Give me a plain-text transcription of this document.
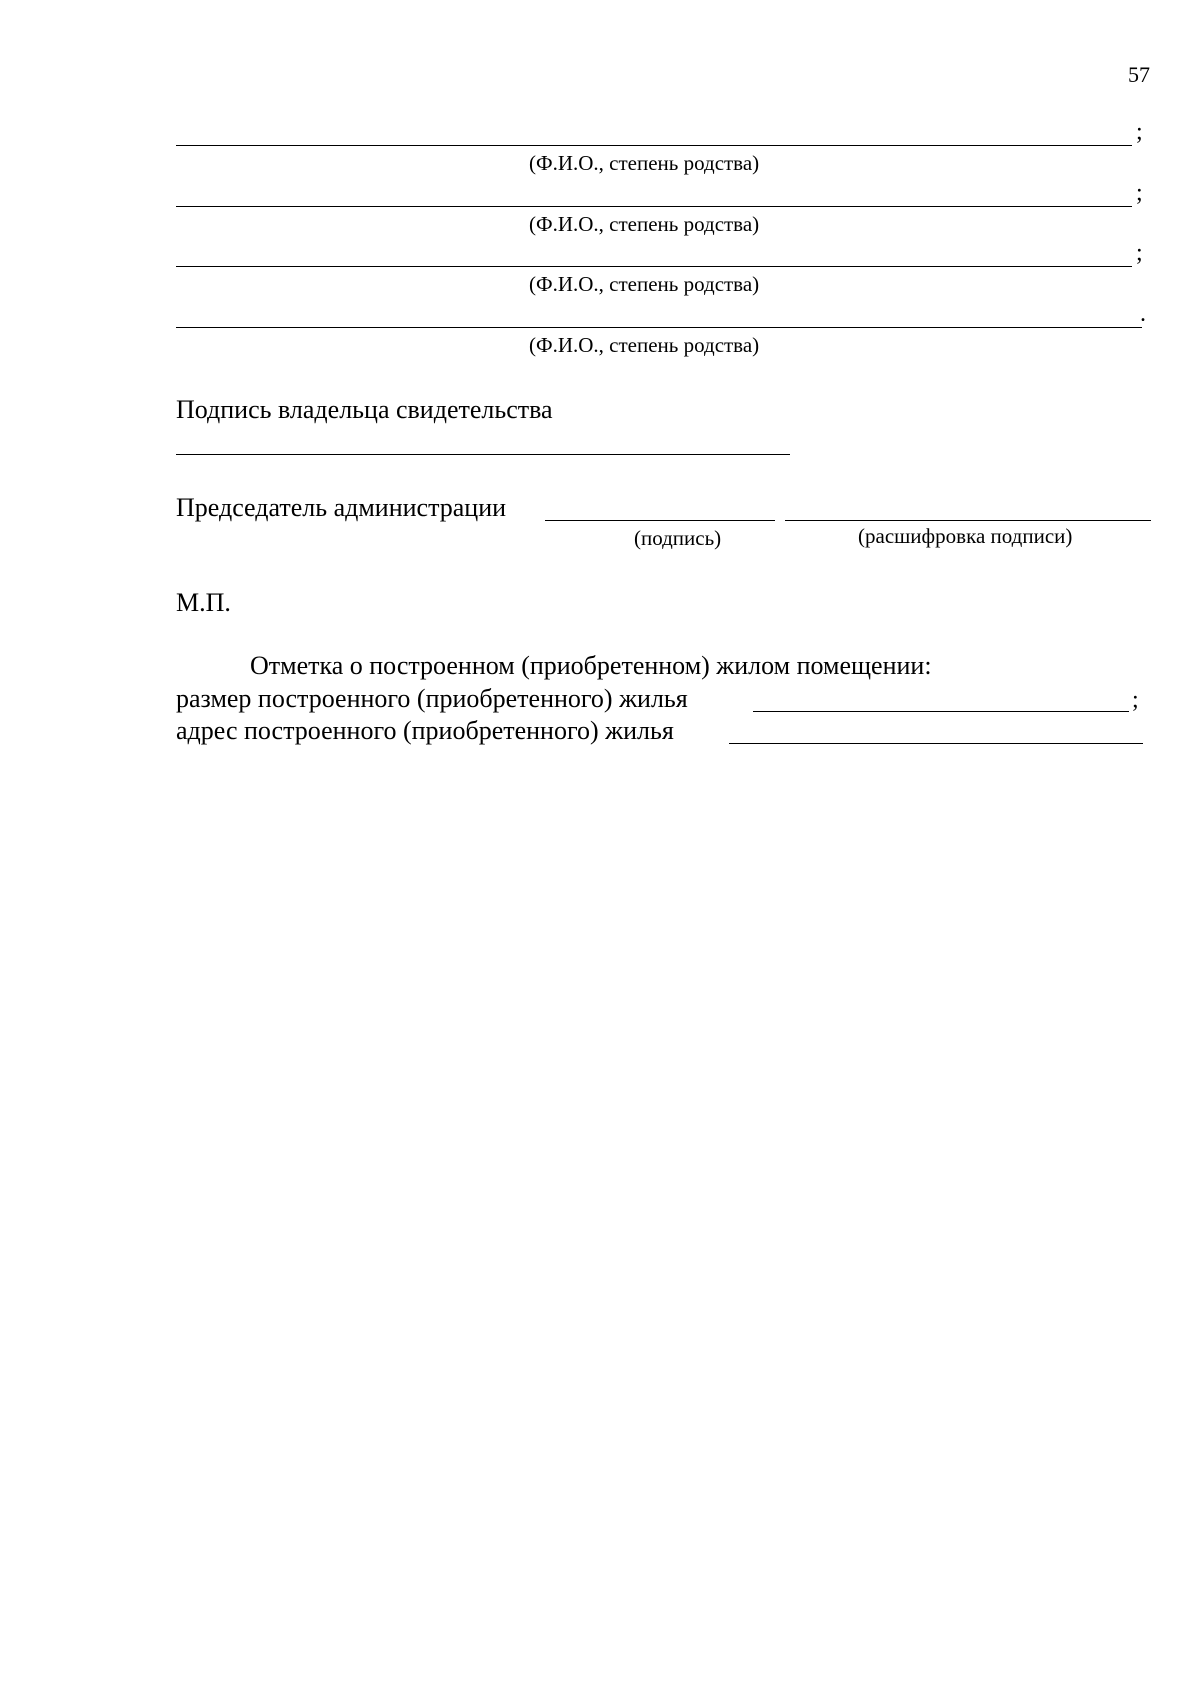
57
;
(Ф.И.О., степень родства)
;
(Ф.И.О., степень родства)
;
(Ф.И.О., степень родства)
.
(Ф.И.О., степень родства)
Подпись владельца свидетельства
Председатель администрации
(подпись)	(расшифровка подписи)
М.П.
Отметка о построенном (приобретенном) жилом помещении:
размер построенного (приобретенного) жилья	;
адрес построенного (приобретенного) жилья
